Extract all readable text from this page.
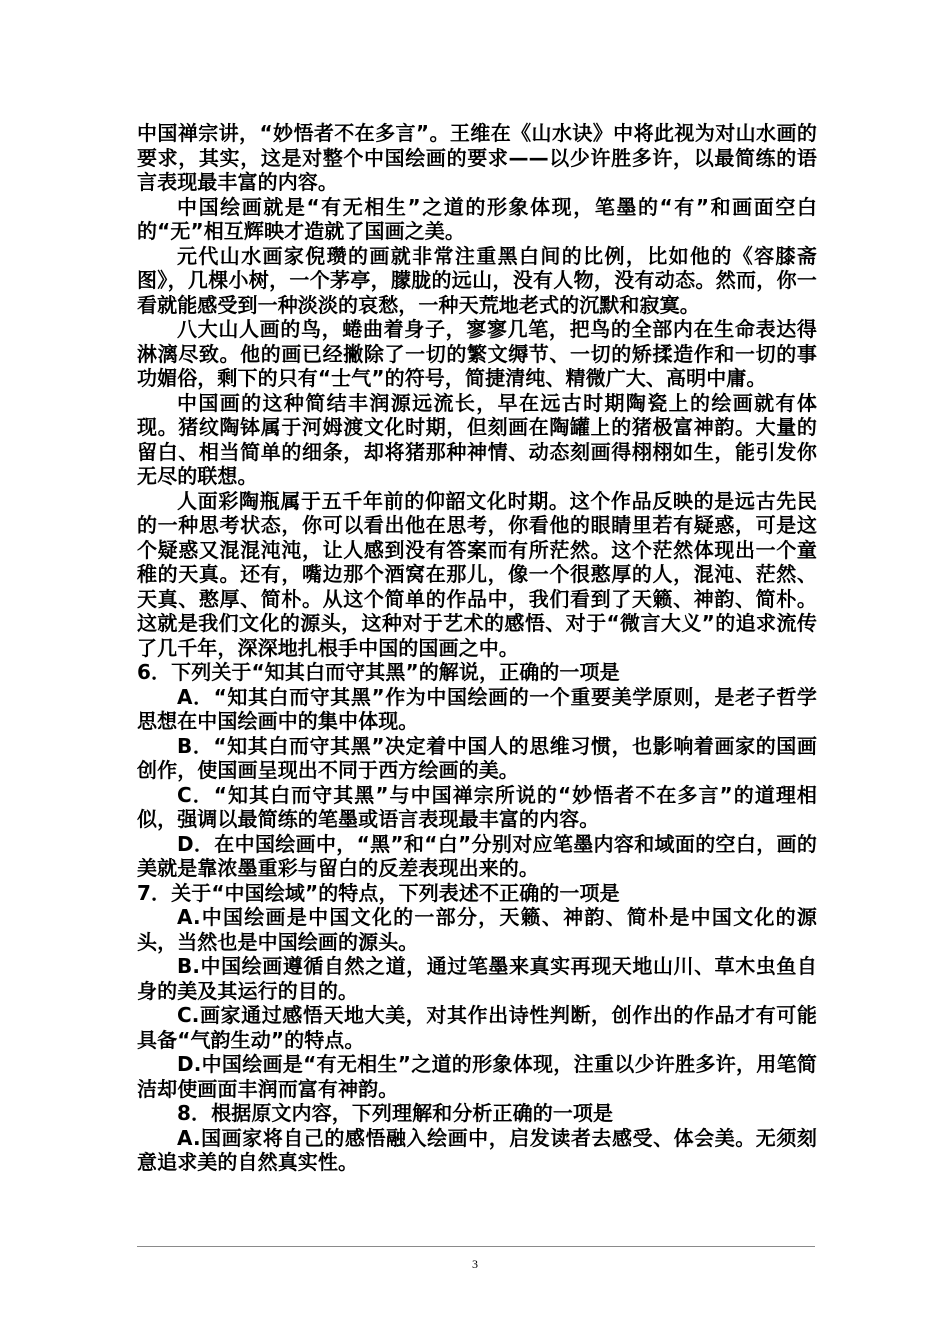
中国禅宗讲，“妙悟者不在多言”。王维在《山水诀》中将此视为对山水画的要求，其实，这是对整个中国绘画的要求——以少许胜多许，以最简练的语言表现最丰富的内容。

中国绘画就是“有无相生”之道的形象体现，笔墨的“有”和画面空白的“无”相互辉映才造就了国画之美。

元代山水画家倪瓒的画就非常注重黑白间的比例，比如他的《容膝斋图》，几棵小树，一个茅亭，朦胧的远山，没有人物，没有动态。然而，你一看就能感受到一种淡淡的哀愁，一种天荒地老式的沉默和寂寞。

八大山人画的鸟，蜷曲着身子，寥寥几笔，把鸟的全部内在生命表达得淋漓尽致。他的画已经撇除了一切的繁文缛节、一切的矫揉造作和一切的事功媚俗，剩下的只有“士气”的符号，简捷清纯、精微广大、高明中庸。

中国画的这种简结丰润源远流长，早在远古时期陶瓷上的绘画就有体现。猪纹陶钵属于河姆渡文化时期，但刻画在陶罐上的猪极富神韵。大量的留白、相当简单的细条，却将猪那种神情、动态刻画得栩栩如生，能引发你无尽的联想。

人面彩陶瓶属于五千年前的仰韶文化时期。这个作品反映的是远古先民的一种思考状态，你可以看出他在思考，你看他的眼睛里若有疑惑，可是这个疑惑又混混沌沌，让人感到没有答案而有所茫然。这个茫然体现出一个童稚的天真。还有，嘴边那个酒窝在那儿，像一个很憨厚的人，混沌、茫然、天真、憨厚、简朴。从这个简单的作品中，我们看到了天籁、神韵、简朴。这就是我们文化的源头，这种对于艺术的感悟、对于“微言大义”的追求流传了几千年，深深地扎根手中国的国画之中。

6．下列关于“知其白而守其黑”的解说，正确的一项是

A．“知其白而守其黑”作为中国绘画的一个重要美学原则，是老子哲学思想在中国绘画中的集中体现。

B．“知其白而守其黑”决定着中国人的思维习惯，也影响着画家的国画创作，使国画呈现出不同于西方绘画的美。

C．“知其白而守其黑”与中国禅宗所说的“妙悟者不在多言”的道理相似，强调以最简练的笔墨或语言表现最丰富的内容。

D．在中国绘画中，“黑”和“白”分别对应笔墨内容和域面的空白，画的美就是靠浓墨重彩与留白的反差表现出来的。

7．关于“中国绘域”的特点，下列表述不正确的一项是

A.中国绘画是中国文化的一部分，天籁、神韵、简朴是中国文化的源头，当然也是中国绘画的源头。

B.中国绘画遵循自然之道，通过笔墨来真实再现天地山川、草木虫鱼自身的美及其运行的目的。

C.画家通过感悟天地大美，对其作出诗性判断，创作出的作品才有可能具备“气韵生动”的特点。

D.中国绘画是“有无相生”之道的形象体现，注重以少许胜多许，用笔简洁却使画面丰润而富有神韵。

8．根据原文内容，下列理解和分析正确的一项是

A.国画家将自己的感悟融入绘画中，启发读者去感受、体会美。无须刻意追求美的自然真实性。

3
